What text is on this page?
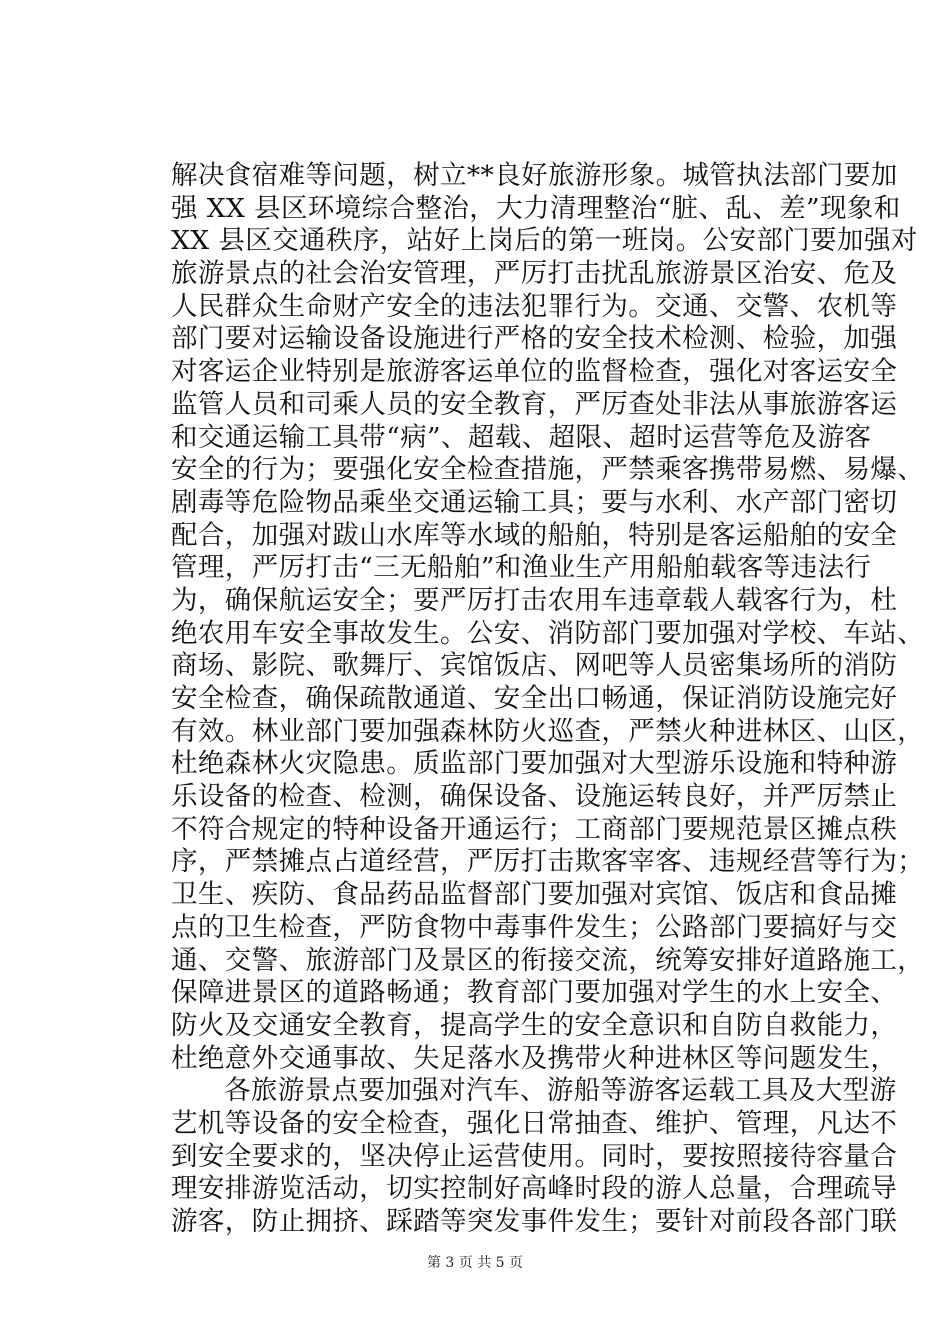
解决食宿难等问题，树立**良好旅游形象。城管执法部门要加
强 XX 县区环境综合整治，大力清理整治“脏、乱、差”现象和
XX 县区交通秩序，站好上岗后的第一班岗。公安部门要加强对
旅游景点的社会治安管理，严厉打击扰乱旅游景区治安、危及
人民群众生命财产安全的违法犯罪行为。交通、交警、农机等
部门要对运输设备设施进行严格的安全技术检测、检验，加强
对客运企业特别是旅游客运单位的监督检查，强化对客运安全
监管人员和司乘人员的安全教育，严厉查处非法从事旅游客运
和交通运输工具带“病”、超载、超限、超时运营等危及游客
安全的行为；要强化安全检查措施，严禁乘客携带易燃、易爆、
剧毒等危险物品乘坐交通运输工具；要与水利、水产部门密切
配合，加强对跋山水库等水域的船舶，特别是客运船舶的安全
管理，严厉打击“三无船舶”和渔业生产用船舶载客等违法行
为，确保航运安全；要严厉打击农用车违章载人载客行为，杜
绝农用车安全事故发生。公安、消防部门要加强对学校、车站、
商场、影院、歌舞厅、宾馆饭店、网吧等人员密集场所的消防
安全检查，确保疏散通道、安全出口畅通，保证消防设施完好
有效。林业部门要加强森林防火巡查，严禁火种进林区、山区，
杜绝森林火灾隐患。质监部门要加强对大型游乐设施和特种游
乐设备的检查、检测，确保设备、设施运转良好，并严厉禁止
不符合规定的特种设备开通运行；工商部门要规范景区摊点秩
序，严禁摊点占道经营，严厉打击欺客宰客、违规经营等行为；
卫生、疾防、食品药品监督部门要加强对宾馆、饭店和食品摊
点的卫生检查，严防食物中毒事件发生；公路部门要搞好与交
通、交警、旅游部门及景区的衔接交流，统筹安排好道路施工，
保障进景区的道路畅通；教育部门要加强对学生的水上安全、
防火及交通安全教育，提高学生的安全意识和自防自救能力，
杜绝意外交通事故、失足落水及携带火种进林区等问题发生，
各旅游景点要加强对汽车、游船等游客运载工具及大型游
艺机等设备的安全检查，强化日常抽查、维护、管理，凡达不
到安全要求的，坚决停止运营使用。同时，要按照接待容量合
理安排游览活动，切实控制好高峰时段的游人总量，合理疏导
游客，防止拥挤、踩踏等突发事件发生；要针对前段各部门联
第 3 页 共 5 页
